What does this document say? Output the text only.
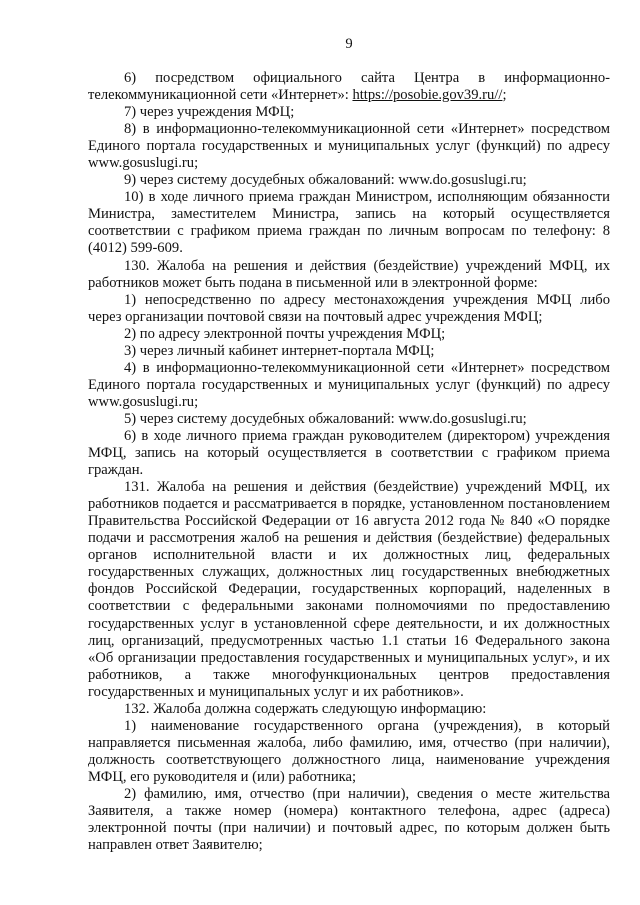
9

6) посредством официального сайта Центра в информационно-телекоммуникационной сети «Интернет»: https://posobie.gov39.ru//;

7) через учреждения МФЦ;

8) в информационно-телекоммуникационной сети «Интернет» посредством Единого портала государственных и муниципальных услуг (функций) по адресу www.gosuslugi.ru;

9) через систему досудебных обжалований: www.do.gosuslugi.ru;

10) в ходе личного приема граждан Министром, исполняющим обязанности Министра, заместителем Министра, запись на который осуществляется соответствии с графиком приема граждан по личным вопросам по телефону: 8 (4012) 599-609.

130. Жалоба на решения и действия (бездействие) учреждений МФЦ, их работников может быть подана в письменной или в электронной форме:

1) непосредственно по адресу местонахождения учреждения МФЦ либо через организации почтовой связи на почтовый адрес учреждения МФЦ;

2) по адресу электронной почты учреждения МФЦ;

3) через личный кабинет интернет-портала МФЦ;

4) в информационно-телекоммуникационной сети «Интернет» посредством Единого портала государственных и муниципальных услуг (функций) по адресу www.gosuslugi.ru;

5) через систему досудебных обжалований: www.do.gosuslugi.ru;

6) в ходе личного приема граждан руководителем (директором) учреждения МФЦ, запись на который осуществляется в соответствии с графиком приема граждан.

131. Жалоба на решения и действия (бездействие) учреждений МФЦ, их работников подается и рассматривается в порядке, установленном постановлением Правительства Российской Федерации от 16 августа 2012 года № 840 «О порядке подачи и рассмотрения жалоб на решения и действия (бездействие) федеральных органов исполнительной власти и их должностных лиц, федеральных государственных служащих, должностных лиц государственных внебюджетных фондов Российской Федерации, государственных корпораций, наделенных в соответствии с федеральными законами полномочиями по предоставлению государственных услуг в установленной сфере деятельности, и их должностных лиц, организаций, предусмотренных частью 1.1 статьи 16 Федерального закона «Об организации предоставления государственных и муниципальных услуг», и их работников, а также многофункциональных центров предоставления государственных и муниципальных услуг и их работников».

132. Жалоба должна содержать следующую информацию:

1) наименование государственного органа (учреждения), в который направляется письменная жалоба, либо фамилию, имя, отчество (при наличии), должность соответствующего должностного лица, наименование учреждения МФЦ, его руководителя и (или) работника;

2) фамилию, имя, отчество (при наличии), сведения о месте жительства Заявителя, а также номер (номера) контактного телефона, адрес (адреса) электронной почты (при наличии) и почтовый адрес, по которым должен быть направлен ответ Заявителю;
